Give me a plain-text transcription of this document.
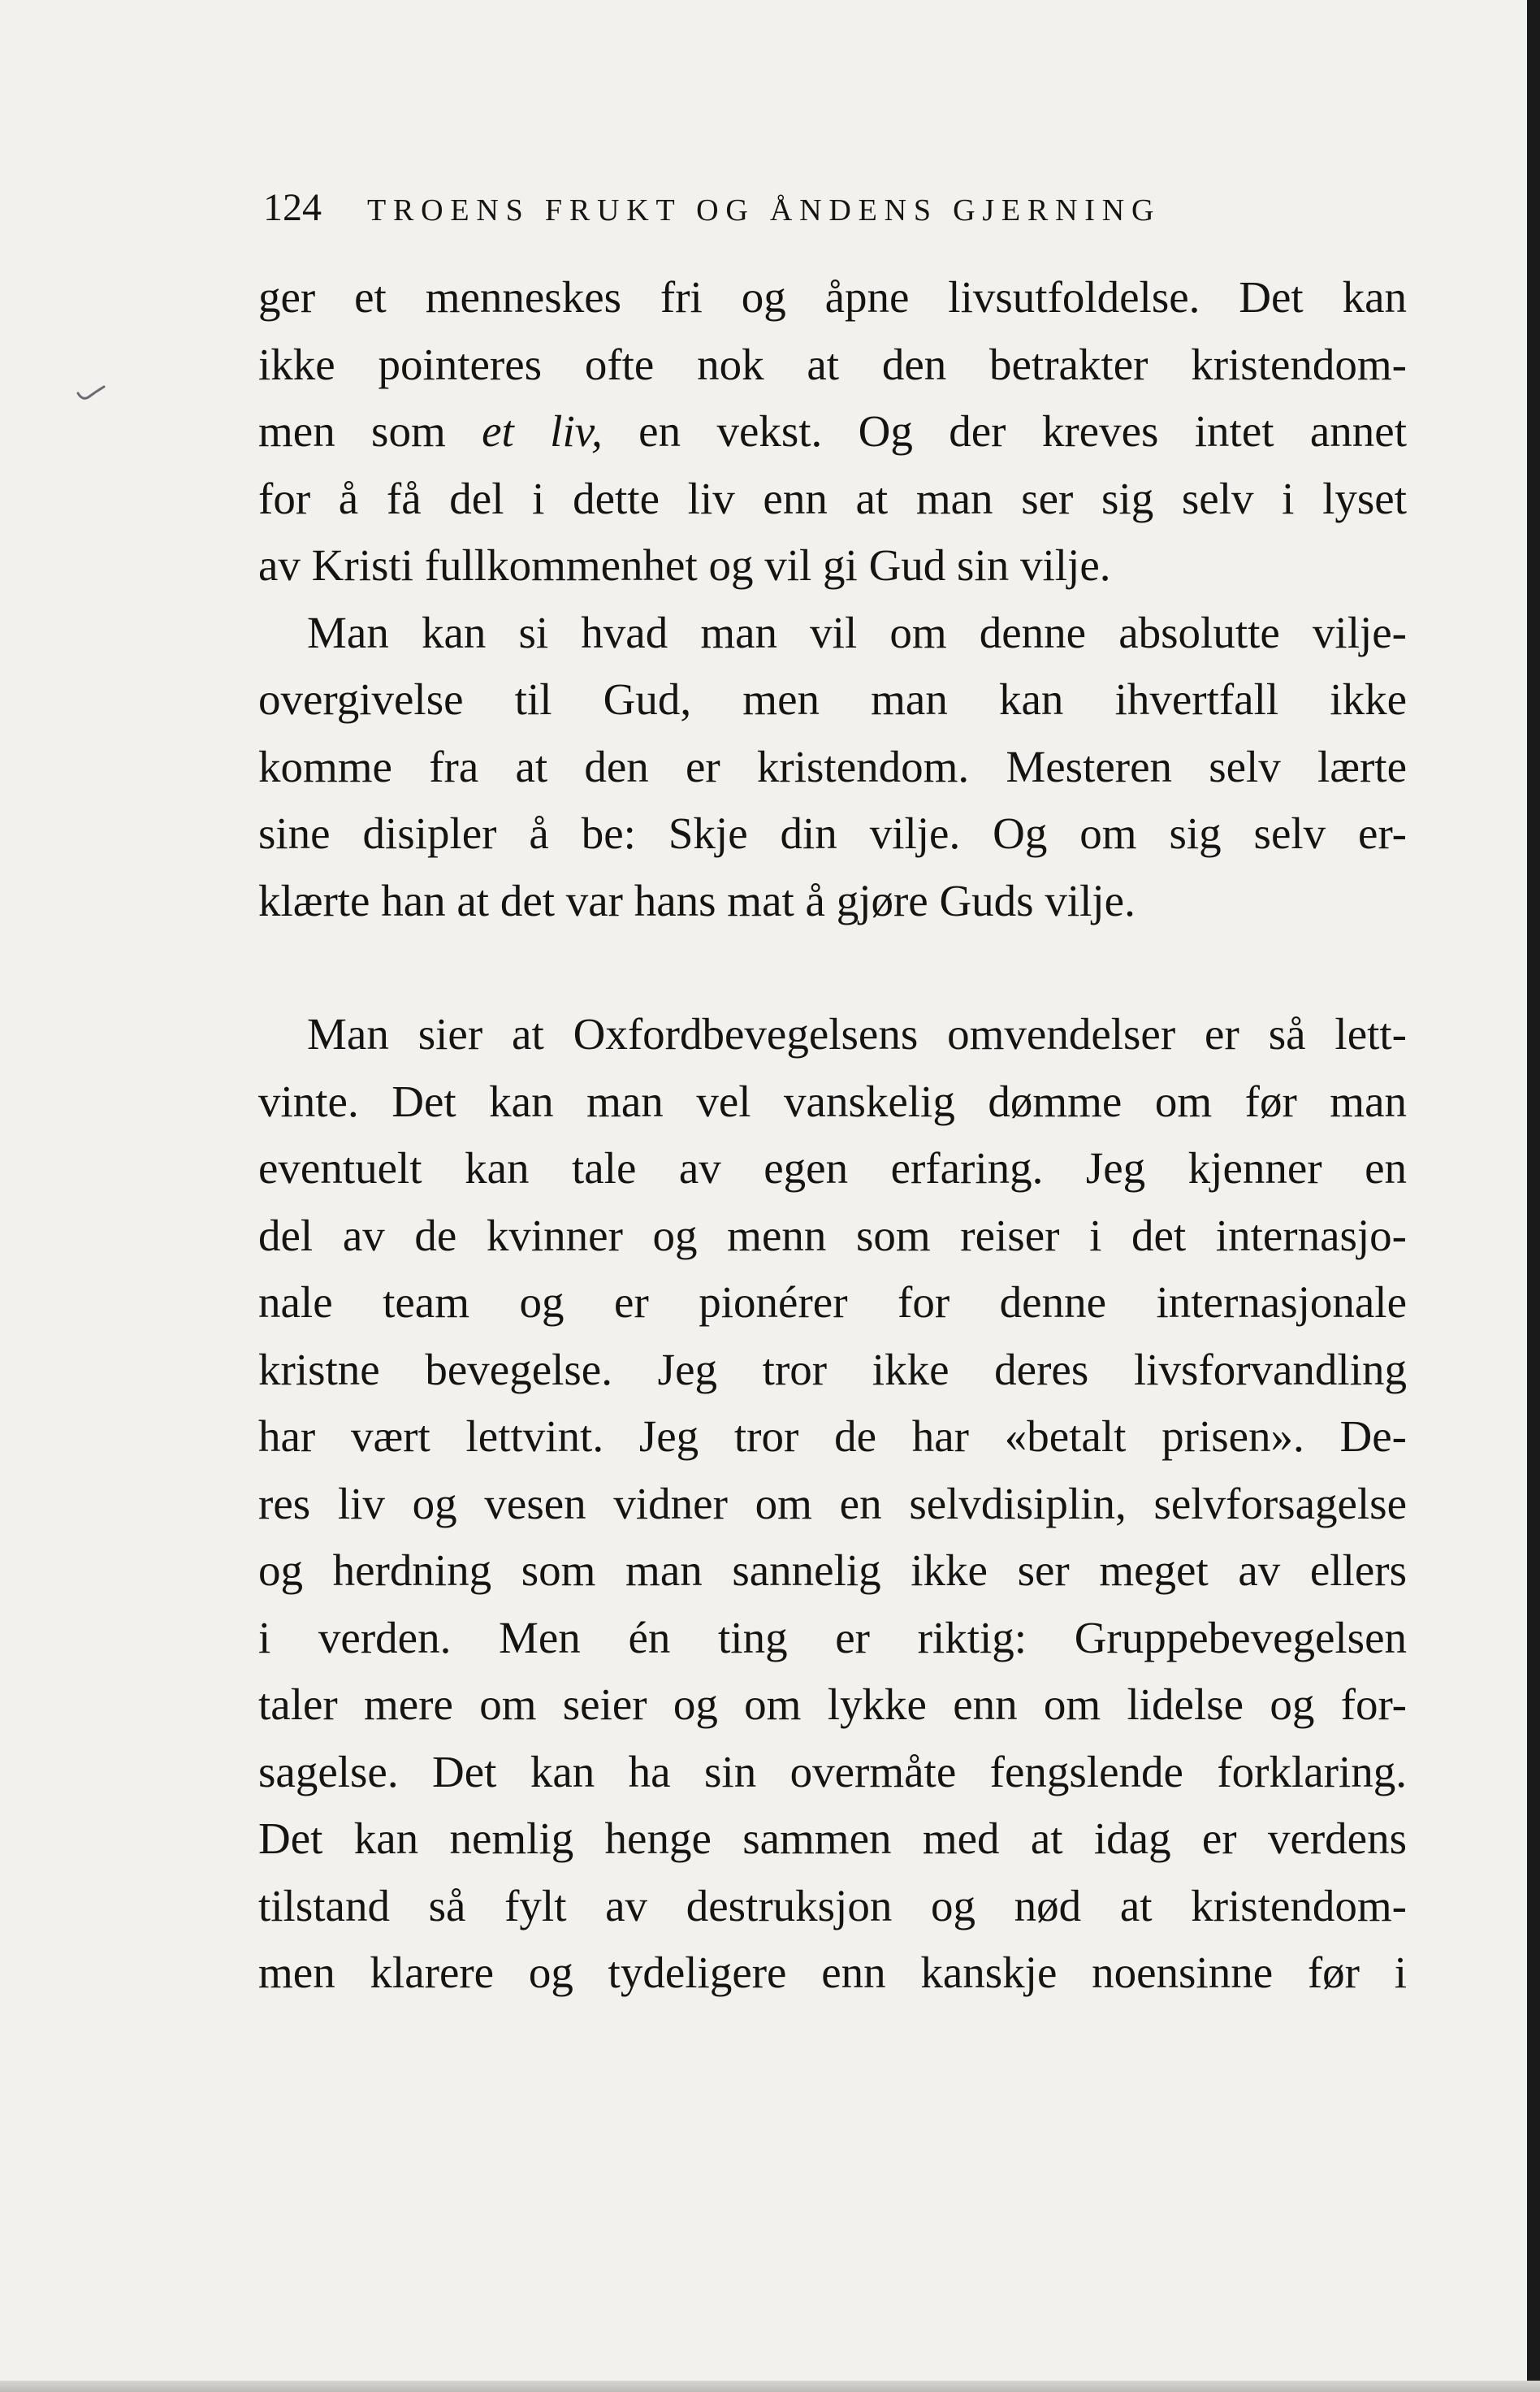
124 TROENS FRUKT OG ÅNDENS GJERNING

ger et menneskes fri og åpne livsutfoldelse. Det kan
ikke pointeres ofte nok at den betrakter kristendom-
men som et liv, en vekst. Og der kreves intet annet
for å få del i dette liv enn at man ser sig selv i lyset
av Kristi fullkommenhet og vil gi Gud sin vilje.

Man kan si hvad man vil om denne absolutte vilje-
overgivelse til Gud, men man kan ihvertfall ikke
komme fra at den er kristendom. Mesteren selv lærte
sine disipler å be: Skje din vilje. Og om sig selv er-
klærte han at det var hans mat å gjøre Guds vilje.

Man sier at Oxfordbevegelsens omvendelser er så lett-
vinte. Det kan man vel vanskelig dømme om før man
eventuelt kan tale av egen erfaring. Jeg kjenner en
del av de kvinner og menn som reiser i det internasjo-
nale team og er pionérer for denne internasjonale
kristne bevegelse. Jeg tror ikke deres livsforvandling
har vært lettvint. Jeg tror de har «betalt prisen». De-
res liv og vesen vidner om en selvdisiplin, selvforsagelse
og herdning som man sannelig ikke ser meget av ellers
i verden. Men én ting er riktig: Gruppebevegelsen
taler mere om seier og om lykke enn om lidelse og for-
sagelse. Det kan ha sin overmåte fengslende forklaring.
Det kan nemlig henge sammen med at idag er verdens
tilstand så fylt av destruksjon og nød at kristendom-
men klarere og tydeligere enn kanskje noensinne før i
